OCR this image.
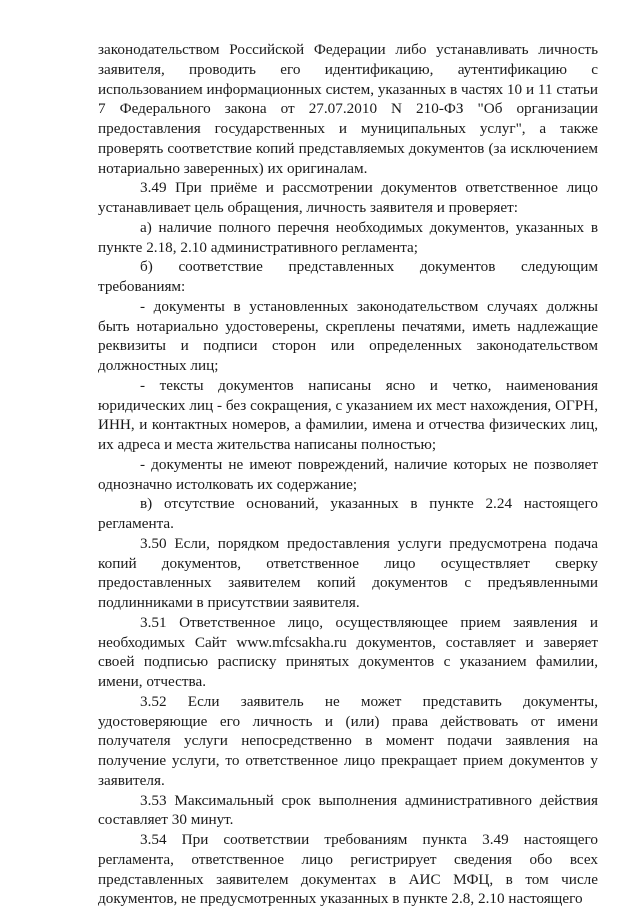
законодательством Российской Федерации либо устанавливать личность заявителя, проводить его идентификацию, аутентификацию с использованием информационных систем, указанных в частях 10 и 11 статьи 7 Федерального закона от 27.07.2010 N 210-ФЗ "Об организации предоставления государственных и муниципальных услуг", а также проверять соответствие копий представляемых документов (за исключением нотариально заверенных) их оригиналам.

3.49 При приёме и рассмотрении документов ответственное лицо устанавливает цель обращения, личность заявителя и проверяет:

а) наличие полного перечня необходимых документов, указанных в пункте 2.18, 2.10 административного регламента;

б) соответствие представленных документов следующим требованиям:

- документы в установленных законодательством случаях должны быть нотариально удостоверены, скреплены печатями, иметь надлежащие реквизиты и подписи сторон или определенных законодательством должностных лиц;

- тексты документов написаны ясно и четко, наименования юридических лиц - без сокращения, с указанием их мест нахождения, ОГРН, ИНН, и контактных номеров, а фамилии, имена и отчества физических лиц, их адреса и места жительства написаны полностью;

- документы не имеют повреждений, наличие которых не позволяет однозначно истолковать их содержание;

в) отсутствие оснований, указанных в пункте 2.24 настоящего регламента.

3.50 Если, порядком предоставления услуги предусмотрена подача копий документов, ответственное лицо осуществляет сверку предоставленных заявителем копий документов с предъявленными подлинниками в присутствии заявителя.

3.51 Ответственное лицо, осуществляющее прием заявления и необходимых Сайт www.mfcsakha.ru документов, составляет и заверяет своей подписью расписку принятых документов с указанием фамилии, имени, отчества.

3.52 Если заявитель не может представить документы, удостоверяющие его личность и (или) права действовать от имени получателя услуги непосредственно в момент подачи заявления на получение услуги, то ответственное лицо прекращает прием документов у заявителя.

3.53 Максимальный срок выполнения административного действия составляет 30 минут.

3.54 При соответствии требованиям пункта 3.49 настоящего регламента, ответственное лицо регистрирует сведения обо всех представленных заявителем документах в АИС МФЦ, в том числе документов, не предусмотренных указанных в пункте 2.8, 2.10 настоящего
